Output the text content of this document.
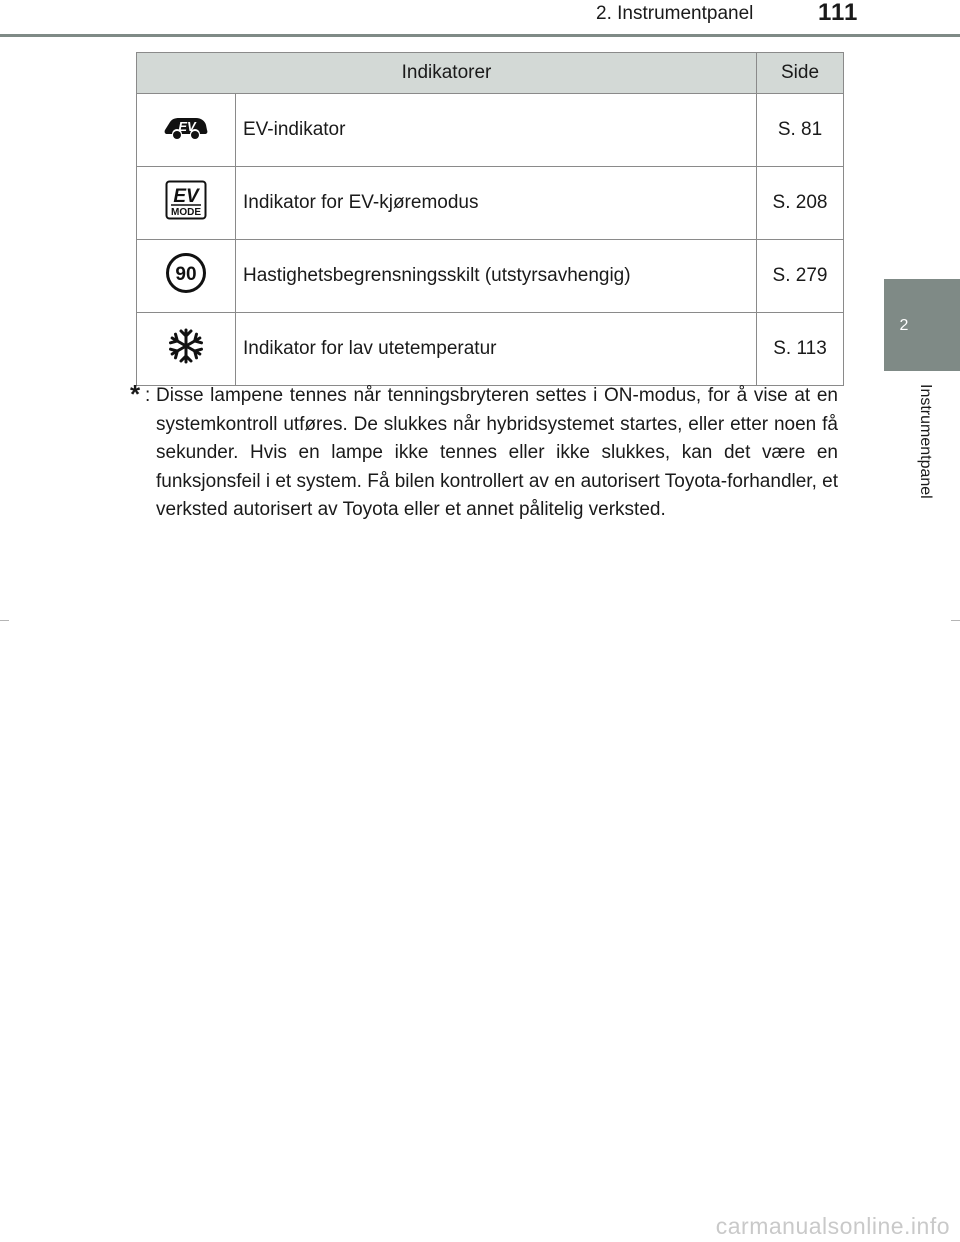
2. Instrumentpanel	111
2
Instrumentpanel
Indikatorer		Side

EV	EV-indikator	S. 81

EV
MODE	Indikator for EV-kjøremodus	S. 208

90	Hastighetsbegrensningsskilt (utstyrsavhengig)	S. 279
	Indikator for lav utetemperatur	S. 113
* : Disse lampene tennes når tenningsbryteren settes i ON-modus, for å vise at en systemkontroll utføres. De slukkes når hybridsystemet startes, eller etter noen få sekunder. Hvis en lampe ikke tennes eller ikke slukkes, kan det være en funksjonsfeil i et system. Få bilen kontrollert av en autorisert Toyota-forhandler, et verksted autorisert av Toyota eller et annet pålitelig verksted.
carmanualsonline.info
